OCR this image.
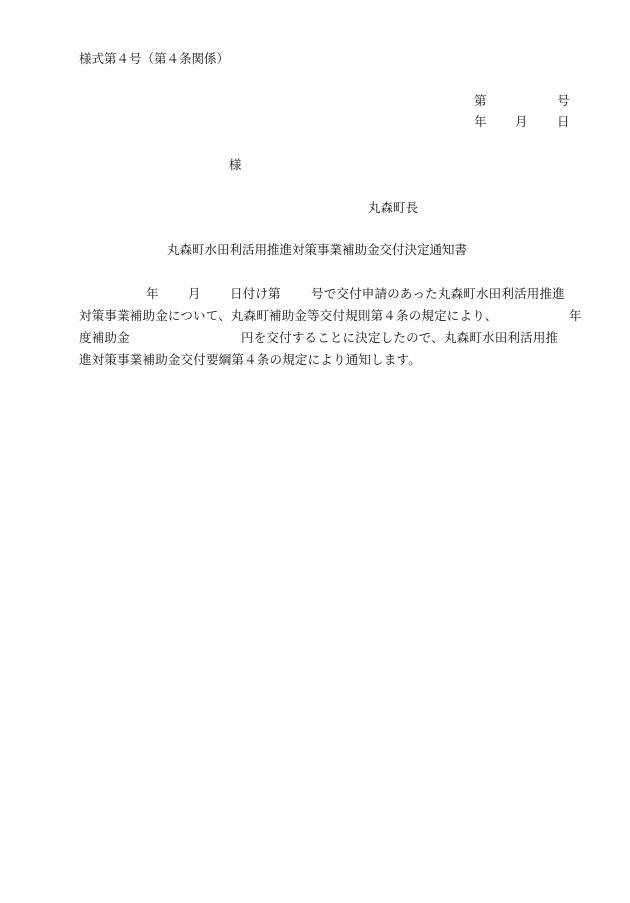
様式第４号（第４条関係）
第	号
年 月 日
様
丸森町長
丸森町水田利活用推進対策事業補助金交付決定通知書
年 月 日付け第 号で交付申請のあった丸森町水田利活用推進
対策事業補助金について、丸森町補助金等交付規則第４条の規定により、	年
度補助金	円を交付することに決定したので、丸森町水田利活用推
進対策事業補助金交付要綱第４条の規定により通知します。
